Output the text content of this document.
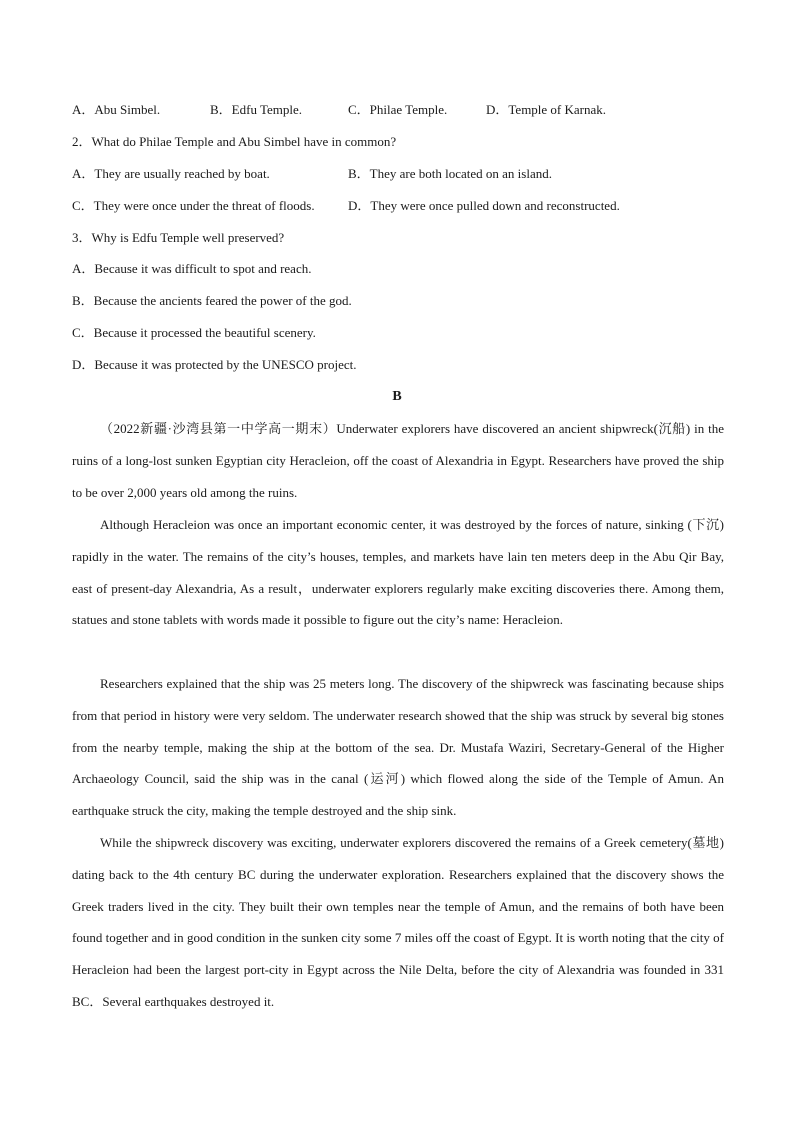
A．Abu Simbel.	B．Edfu Temple.	C．Philae Temple.	D．Temple of Karnak.
2．What do Philae Temple and Abu Simbel have in common?
A．They are usually reached by boat.	B．They are both located on an island.
C．They were once under the threat of floods.	D．They were once pulled down and reconstructed.
3．Why is Edfu Temple well preserved?
A．Because it was difficult to spot and reach.
B．Because the ancients feared the power of the god.
C．Because it processed the beautiful scenery.
D．Because it was protected by the UNESCO project.
B
（2022新疆·沙湾县第一中学高一期末）Underwater explorers have discovered an ancient shipwreck(沉船) in the ruins of a long-lost sunken Egyptian city Heracleion, off the coast of Alexandria in Egypt. Researchers have proved the ship to be over 2,000 years old among the ruins.
Although Heracleion was once an important economic center, it was destroyed by the forces of nature, sinking (下沉) rapidly in the water. The remains of the city’s houses, temples, and markets have lain ten meters deep in the Abu Qir Bay, east of present-day Alexandria, As a result，underwater explorers regularly make exciting discoveries there. Among them, statues and stone tablets with words made it possible to figure out the city’s name: Heracleion.
Researchers explained that the ship was 25 meters long. The discovery of the shipwreck was fascinating because ships from that period in history were very seldom. The underwater research showed that the ship was struck by several big stones from the nearby temple, making the ship at the bottom of the sea. Dr. Mustafa Waziri, Secretary-General of the Higher Archaeology Council, said the ship was in the canal (运河) which flowed along the side of the Temple of Amun. An earthquake struck the city, making the temple destroyed and the ship sink.
While the shipwreck discovery was exciting, underwater explorers discovered the remains of a Greek cemetery(墓地) dating back to the 4th century BC during the underwater exploration. Researchers explained that the discovery shows the Greek traders lived in the city. They built their own temples near the temple of Amun, and the remains of both have been found together and in good condition in the sunken city some 7 miles off the coast of Egypt. It is worth noting that the city of Heracleion had been the largest port-city in Egypt across the Nile Delta, before the city of Alexandria was founded in 331 BC．Several earthquakes destroyed it.
